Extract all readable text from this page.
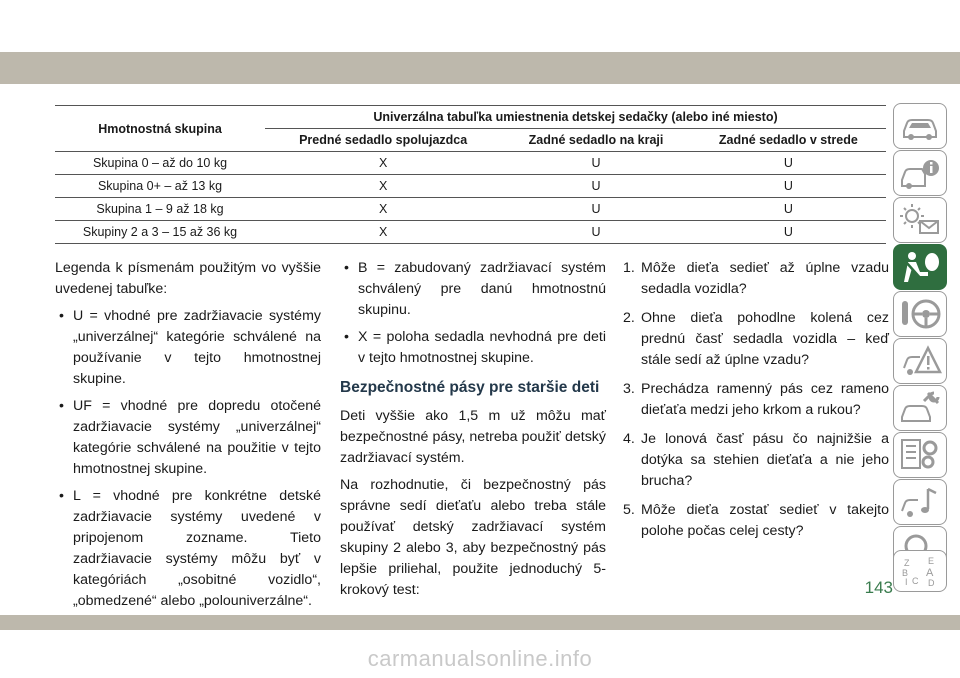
Hmotnostná skupina	Univerzálna tabuľka umiestnenia detskej sedačky (alebo iné miesto)		
	Predné sedadlo spolujazdca	Zadné sedadlo na kraji	Zadné sedadlo v strede
Skupina 0 – až do 10 kg	X	U	U
Skupina 0+ – až 13 kg	X	U	U
Skupina 1 – 9 až 18 kg	X	U	U
Skupiny 2 a 3 – 15 až 36 kg	X	U	U

Legenda k písmenám použitým vo vyššie uvedenej tabuľke:

• U = vhodné pre zadržiavacie systémy „univerzálnej“ kategórie schválené na používanie v tejto hmotnostnej skupine.
• UF = vhodné pre dopredu otočené zadržiavacie systémy „univerzálnej“ kategórie schválené na použitie v tejto hmotnostnej skupine.
• L = vhodné pre konkrétne detské zadržiavacie systémy uvedené v pripojenom zozname. Tieto zadržiavacie systémy môžu byť v kategóriách „osobitné vozidlo“, „obmedzené“ alebo „polouniverzálne“.
• B = zabudovaný zadržiavací systém schválený pre danú hmotnostnú skupinu.
• X = poloha sedadla nevhodná pre deti v tejto hmotnostnej skupine.
Bezpečnostné pásy pre staršie deti

Deti vyššie ako 1,5 m už môžu mať bezpečnostné pásy, netreba použiť detský zadržiavací systém.

Na rozhodnutie, či bezpečnostný pás správne sedí dieťaťu alebo treba stále používať detský zadržiavací systém skupiny 2 alebo 3, aby bezpečnostný pás lepšie priliehal, použite jednoduchý 5-krokový test:

1. Môže dieťa sedieť až úplne vzadu sedadla vozidla?
2. Ohne dieťa pohodlne kolená cez prednú časť sedadla vozidla – keď stále sedí až úplne vzadu?
3. Prechádza ramenný pás cez rameno dieťaťa medzi jeho krkom a rukou?
4. Je lonová časť pásu čo najnižšie a dotýka sa stehien dieťaťa a nie jeho brucha?
5. Môže dieťa zostať sedieť v takejto polohe počas celej cesty?
Z E
B A
C D
I
143
carmanualsonline.info
